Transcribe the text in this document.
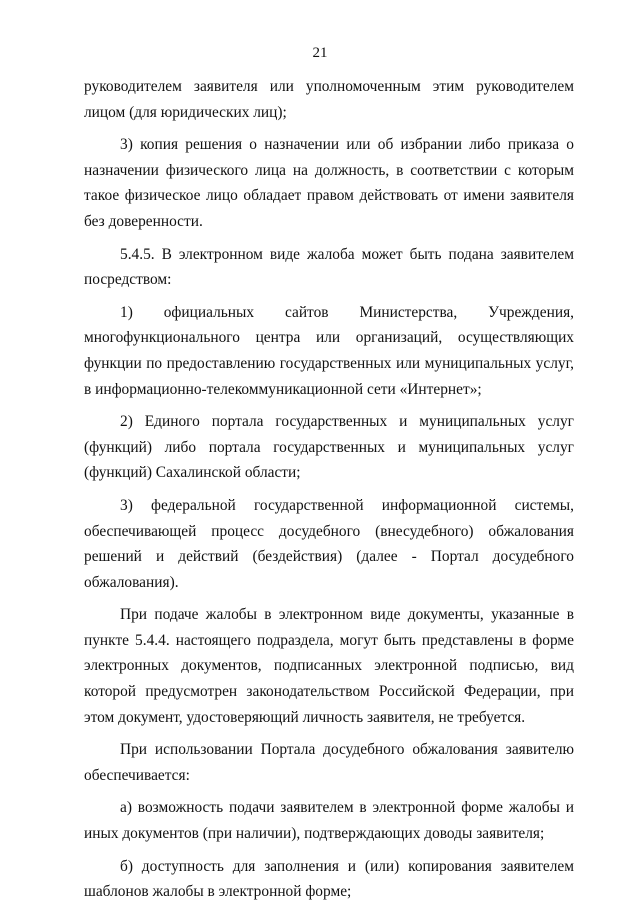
21

руководителем заявителя или уполномоченным этим руководителем лицом (для юридических лиц);

3) копия решения о назначении или об избрании либо приказа о назначении физического лица на должность, в соответствии с которым такое физическое лицо обладает правом действовать от имени заявителя без доверенности.

5.4.5. В электронном виде жалоба может быть подана заявителем посредством:

1) официальных сайтов Министерства, Учреждения, многофункционального центра или организаций, осуществляющих функции по предоставлению государственных или муниципальных услуг, в информационно-телекоммуникационной сети «Интернет»;

2) Единого портала государственных и муниципальных услуг (функций) либо портала государственных и муниципальных услуг (функций) Сахалинской области;

3) федеральной государственной информационной системы, обеспечивающей процесс досудебного (внесудебного) обжалования решений и действий (бездействия) (далее - Портал досудебного обжалования).

При подаче жалобы в электронном виде документы, указанные в пункте 5.4.4. настоящего подраздела, могут быть представлены в форме электронных документов, подписанных электронной подписью, вид которой предусмотрен законодательством Российской Федерации, при этом документ, удостоверяющий личность заявителя, не требуется.

При использовании Портала досудебного обжалования заявителю обеспечивается:

а) возможность подачи заявителем в электронной форме жалобы и иных документов (при наличии), подтверждающих доводы заявителя;

б) доступность для заполнения и (или) копирования заявителем шаблонов жалобы в электронной форме;
